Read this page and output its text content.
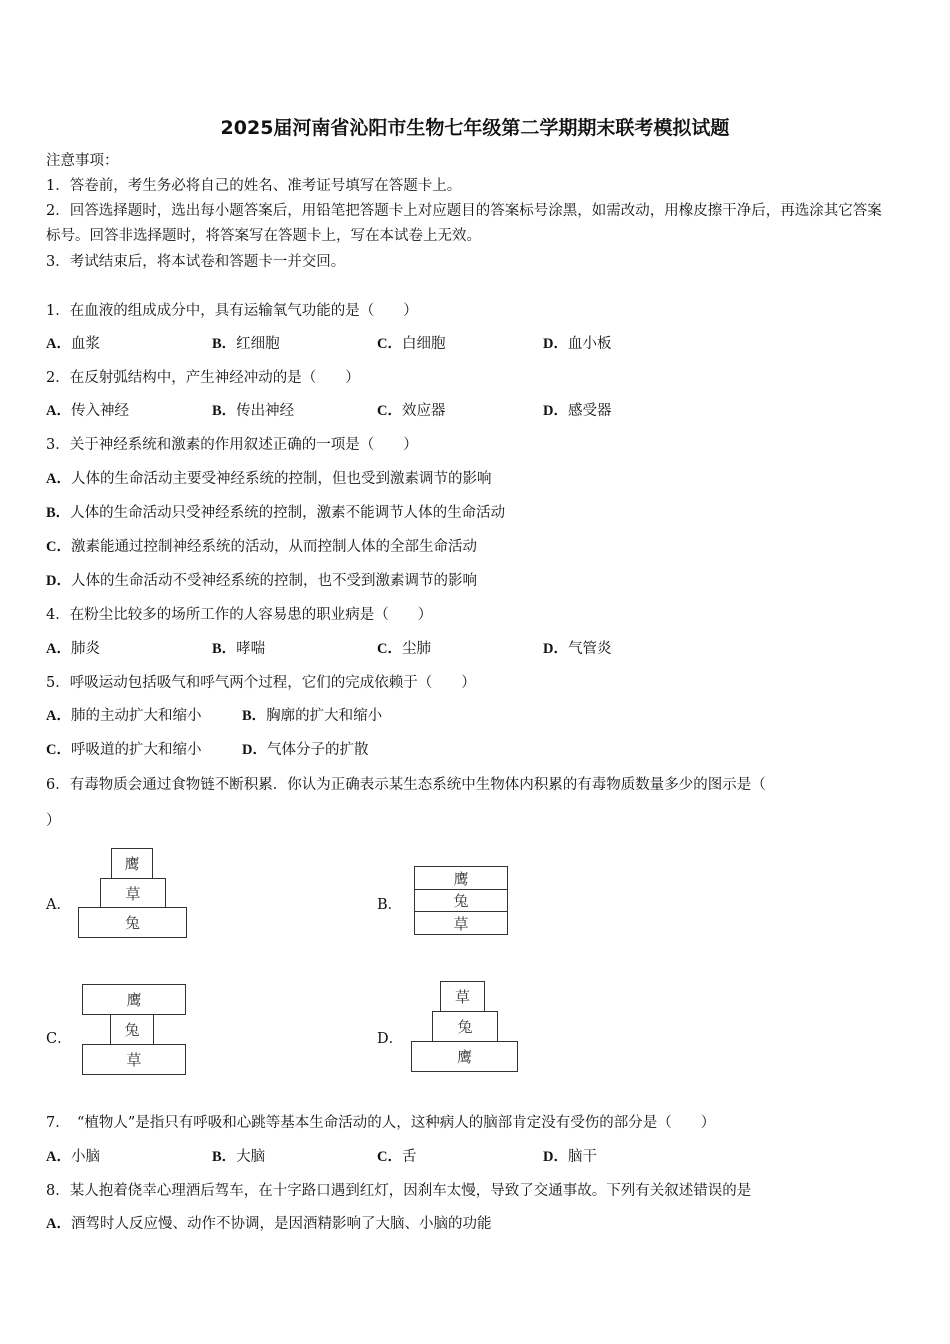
2025届河南省沁阳市生物七年级第二学期期末联考模拟试题
注意事项：
1．答卷前，考生务必将自己的姓名、准考证号填写在答题卡上。
2．回答选择题时，选出每小题答案后，用铅笔把答题卡上对应题目的答案标号涂黑，如需改动，用橡皮擦干净后，再选涂其它答案标号。回答非选择题时，将答案写在答题卡上，写在本试卷上无效。
3．考试结束后，将本试卷和答题卡一并交回。
1．在血液的组成成分中，具有运输氧气功能的是（　　）
A．血浆	B．红细胞	C．白细胞	D．血小板
2．在反射弧结构中，产生神经冲动的是（　　）
A．传入神经	B．传出神经	C．效应器	D．感受器
3．关于神经系统和激素的作用叙述正确的一项是（　　）
A．人体的生命活动主要受神经系统的控制，但也受到激素调节的影响
B．人体的生命活动只受神经系统的控制，激素不能调节人体的生命活动
C．激素能通过控制神经系统的活动，从而控制人体的全部生命活动
D．人体的生命活动不受神经系统的控制，也不受到激素调节的影响
4．在粉尘比较多的场所工作的人容易患的职业病是（　　）
A．肺炎	B．哮喘	C．尘肺	D．气管炎
5．呼吸运动包括吸气和呼气两个过程，它们的完成依赖于（　　）
A．肺的主动扩大和缩小	B．胸廓的扩大和缩小
C．呼吸道的扩大和缩小	D．气体分子的扩散
6．有毒物质会通过食物链不断积累．你认为正确表示某生态系统中生物体内积累的有毒物质数量多少的图示是（
）
A．
鹰
草
兔
B．
鹰
兔
草
C．
鹰
兔
草
D．
草
兔
鹰
7．　“植物人”是指只有呼吸和心跳等基本生命活动的人，这种病人的脑部肯定没有受伤的部分是（　　）
A．小脑	B．大脑	C．舌	D．脑干
8．某人抱着侥幸心理酒后驾车，在十字路口遇到红灯，因刹车太慢，导致了交通事故。下列有关叙述错误的是
A．酒驾时人反应慢、动作不协调，是因酒精影响了大脑、小脑的功能
